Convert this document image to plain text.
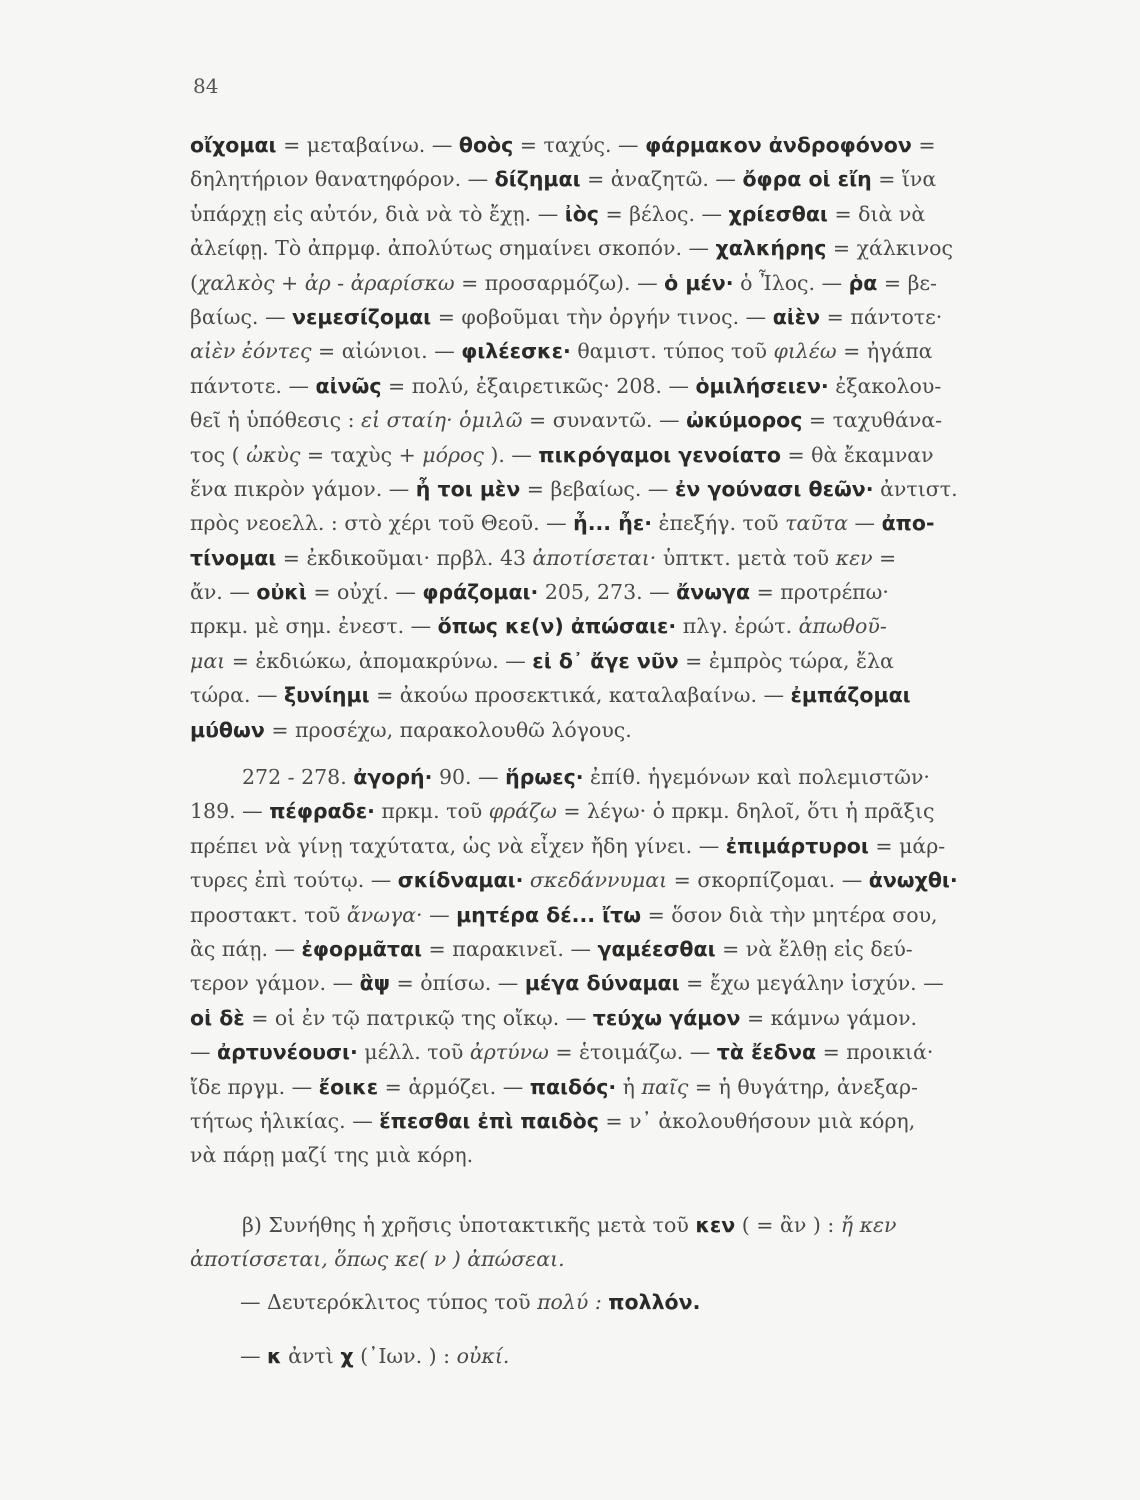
84
οἴχομαι = μεταβαίνω. — θοὸς = ταχύς. — φάρμακον ἀνδροφόνον =
δηλητήριον θανατηφόρον. — δίζημαι = ἀναζητῶ. — ὄφρα οἱ εἴη = ἵνα
ὑπάρχῃ εἰς αὐτόν, διὰ νὰ τὸ ἔχῃ. — ἰὸς = βέλος. — χρίεσθαι = διὰ νὰ
ἀλείφῃ. Τὸ ἀπρμφ. ἀπολύτως σημαίνει σκοπόν. — χαλκήρης = χάλκινος
(χαλκὸς + ἀρ - ἀραρίσκω = προσαρμόζω). — ὁ μέν· ὁ Ἶλος. — ῥα = βε-
βαίως. — νεμεσίζομαι = φοβοῦμαι τὴν ὀργήν τινος. — αἰὲν = πάντοτε·
αἰὲν ἐόντες = αἰώνιοι. — φιλέεσκε· θαμιστ. τύπος τοῦ φιλέω = ἠγάπα
πάντοτε. — αἰνῶς = πολύ, ἐξαιρετικῶς· 208. — ὁμιλήσειεν· ἐξακολου-
θεῖ ἡ ὑπόθεσις : εἰ σταίη· ὁμιλῶ = συναντῶ. — ὠκύμορος = ταχυθάνα-
τος ( ὠκὺς = ταχὺς + μόρος ). — πικρόγαμοι γενοίατο = θὰ ἔκαμναν
ἕνα πικρὸν γάμον. — ἦ τοι μὲν = βεβαίως. — ἐν γούνασι θεῶν· ἀντιστ.
πρὸς νεοελλ. : στὸ χέρι τοῦ Θεοῦ. — ἦ... ἦε· ἐπεξήγ. τοῦ ταῦτα — ἀπο-
τίνομαι = ἐκδικοῦμαι· πρβλ. 43 ἀποτίσεται· ὑπτκτ. μετὰ τοῦ κεν =
ἄν. — οὐκὶ = οὐχί. — φράζομαι· 205, 273. — ἄνωγα = προτρέπω·
πρκμ. μὲ σημ. ἐνεστ. — ὅπως κε(ν) ἀπώσαιε· πλγ. ἐρώτ. ἀπωθοῦ-
μαι = ἐκδιώκω, ἀπομακρύνω. — εἰ δ᾽ ἄγε νῦν = ἐμπρὸς τώρα, ἔλα
τώρα. — ξυνίημι = ἀκούω προσεκτικά, καταλαβαίνω. — ἐμπάζομαι
μύθων = προσέχω, παρακολουθῶ λόγους.
272 - 278. ἀγορή· 90. — ἥρωες· ἐπίθ. ἡγεμόνων καὶ πολεμιστῶν·
189. — πέφραδε· πρκμ. τοῦ φράζω = λέγω· ὁ πρκμ. δηλοῖ, ὅτι ἡ πρᾶξις
πρέπει νὰ γίνῃ ταχύτατα, ὡς νὰ εἶχεν ἤδη γίνει. — ἐπιμάρτυροι = μάρ-
τυρες ἐπὶ τούτῳ. — σκίδναμαι· σκεδάννυμαι = σκορπίζομαι. — ἀνωχθι·
προστακτ. τοῦ ἄνωγα· — μητέρα δέ... ἴτω = ὅσον διὰ τὴν μητέρα σου,
ἂς πάῃ. — ἐφορμᾶται = παρακινεῖ. — γαμέεσθαι = νὰ ἔλθῃ εἰς δεύ-
τερον γάμον. — ἂψ = ὀπίσω. — μέγα δύναμαι = ἔχω μεγάλην ἰσχύν. —
οἱ δὲ = οἱ ἐν τῷ πατρικῷ της οἴκῳ. — τεύχω γάμον = κάμνω γάμον.
— ἀρτυνέουσι· μέλλ. τοῦ ἀρτύνω = ἑτοιμάζω. — τὰ ἔεδνα = προικιά·
ἴδε πργμ. — ἔοικε = ἁρμόζει. — παιδός· ἡ παῖς = ἡ θυγάτηρ, ἀνεξαρ-
τήτως ἡλικίας. — ἕπεσθαι ἐπὶ παιδὸς = ν᾽ ἀκολουθήσουν μιὰ κόρη,
νὰ πάρῃ μαζί της μιὰ κόρη.
β) Συνήθης ἡ χρῆσις ὑποτακτικῆς μετὰ τοῦ κεν ( = ἂν ) : ἤ κεν
ἀποτίσσεται, ὅπως κε( ν ) ἀπώσεαι.
— Δευτερόκλιτος τύπος τοῦ πολύ : πολλόν.
— κ ἀντὶ χ (᾽Ιων. ) : οὐκί.
